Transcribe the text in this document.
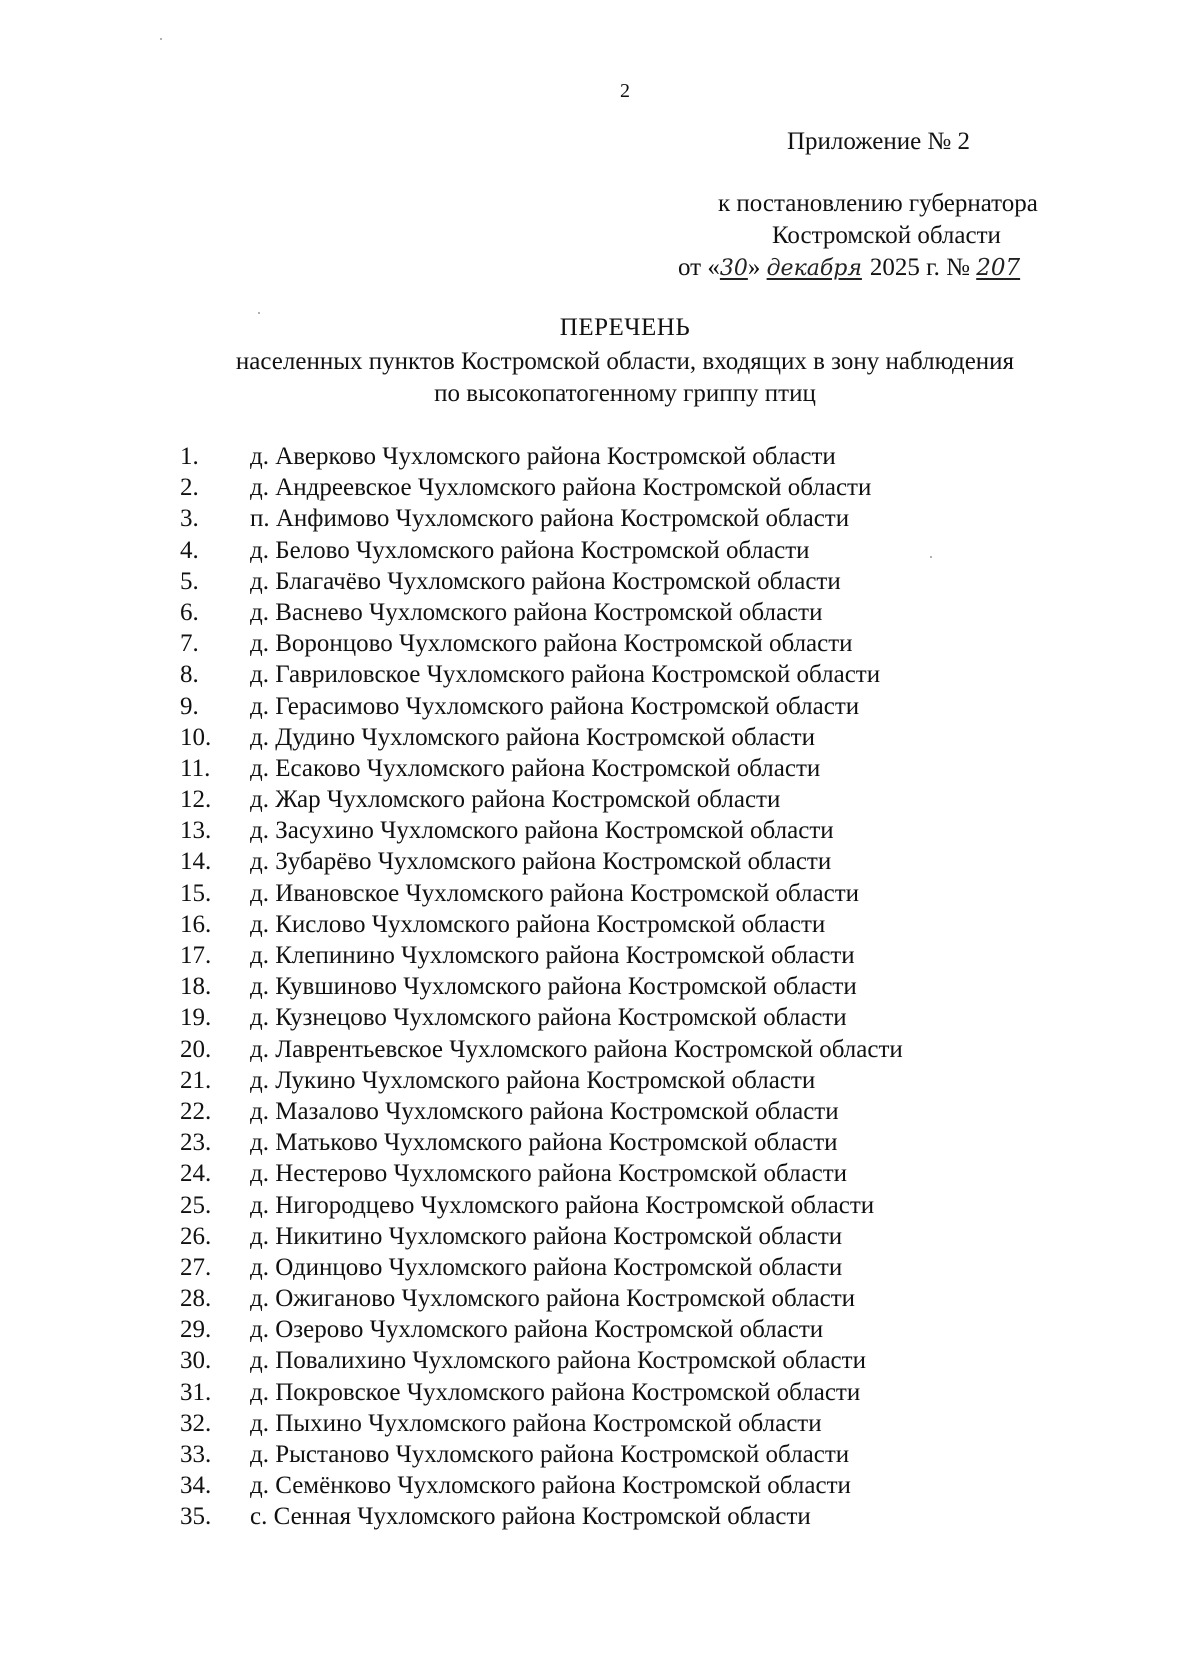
2
Приложение № 2
к постановлению губернатора
Костромской области
от «30» декабря 2025 г. № 207
ПЕРЕЧЕНЬ
населенных пунктов Костромской области, входящих в зону наблюдения
по высокопатогенному гриппу птиц
1. д. Аверково Чухломского района Костромской области
2. д. Андреевское Чухломского района Костромской области
3. п. Анфимово Чухломского района Костромской области
4. д. Белово Чухломского района Костромской области
5. д. Благачёво Чухломского района Костромской области
6. д. Васнево Чухломского района Костромской области
7. д. Воронцово Чухломского района Костромской области
8. д. Гавриловское Чухломского района Костромской области
9. д. Герасимово Чухломского района Костромской области
10. д. Дудино Чухломского района Костромской области
11. д. Есаково Чухломского района Костромской области
12. д. Жар Чухломского района Костромской области
13. д. Засухино Чухломского района Костромской области
14. д. Зубарёво Чухломского района Костромской области
15. д. Ивановское Чухломского района Костромской области
16. д. Кислово Чухломского района Костромской области
17. д. Клепинино Чухломского района Костромской области
18. д. Кувшиново Чухломского района Костромской области
19. д. Кузнецово Чухломского района Костромской области
20. д. Лаврентьевское Чухломского района Костромской области
21. д. Лукино Чухломского района Костромской области
22. д. Мазалово Чухломского района Костромской области
23. д. Матьково Чухломского района Костромской области
24. д. Нестерово Чухломского района Костромской области
25. д. Нигородцево Чухломского района Костромской области
26. д. Никитино Чухломского района Костромской области
27. д. Одинцово Чухломского района Костромской области
28. д. Ожиганово Чухломского района Костромской области
29. д. Озерово Чухломского района Костромской области
30. д. Повалихино Чухломского района Костромской области
31. д. Покровское Чухломского района Костромской области
32. д. Пыхино Чухломского района Костромской области
33. д. Рыстаново Чухломского района Костромской области
34. д. Семёнково Чухломского района Костромской области
35. с. Сенная Чухломского района Костромской области
